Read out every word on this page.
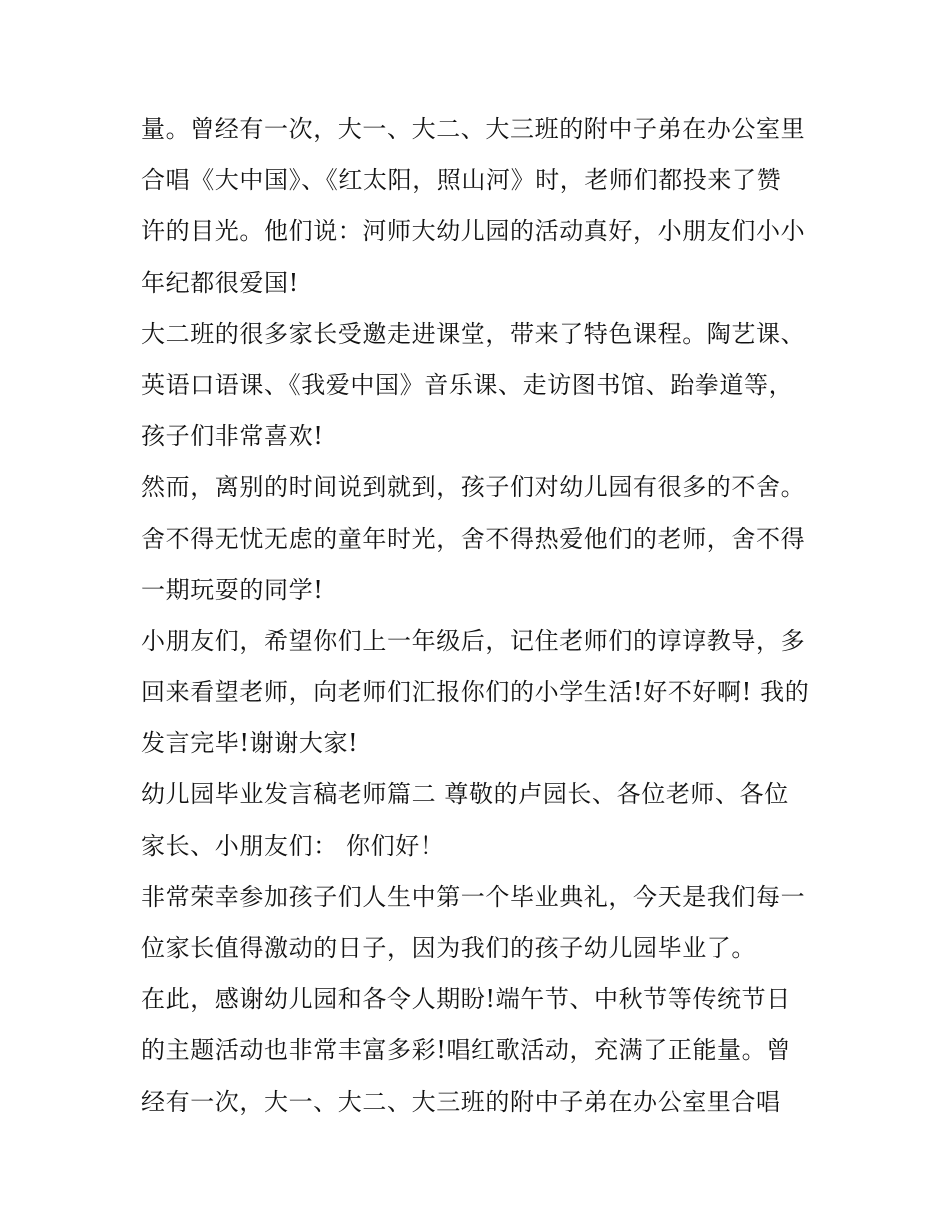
量。曾经有一次，大一、大二、大三班的附中子弟在办公室里
合唱《大中国》、《红太阳，照山河》时，老师们都投来了赞
许的目光。他们说：河师大幼儿园的活动真好，小朋友们小小
年纪都很爱国!
大二班的很多家长受邀走进课堂，带来了特色课程。陶艺课、
英语口语课、《我爱中国》音乐课、走访图书馆、跆拳道等，
孩子们非常喜欢!
然而，离别的时间说到就到，孩子们对幼儿园有很多的不舍。
舍不得无忧无虑的童年时光，舍不得热爱他们的老师，舍不得
一期玩耍的同学!
小朋友们，希望你们上一年级后，记住老师们的谆谆教导，多
回来看望老师，向老师们汇报你们的小学生活!好不好啊! 我的
发言完毕!谢谢大家!
幼儿园毕业发言稿老师篇二 尊敬的卢园长、各位老师、各位
家长、小朋友们： 你们好！
非常荣幸参加孩子们人生中第一个毕业典礼，今天是我们每一
位家长值得激动的日子，因为我们的孩子幼儿园毕业了。
在此，感谢幼儿园和各令人期盼!端午节、中秋节等传统节日
的主题活动也非常丰富多彩!唱红歌活动，充满了正能量。曾
经有一次，大一、大二、大三班的附中子弟在办公室里合唱
